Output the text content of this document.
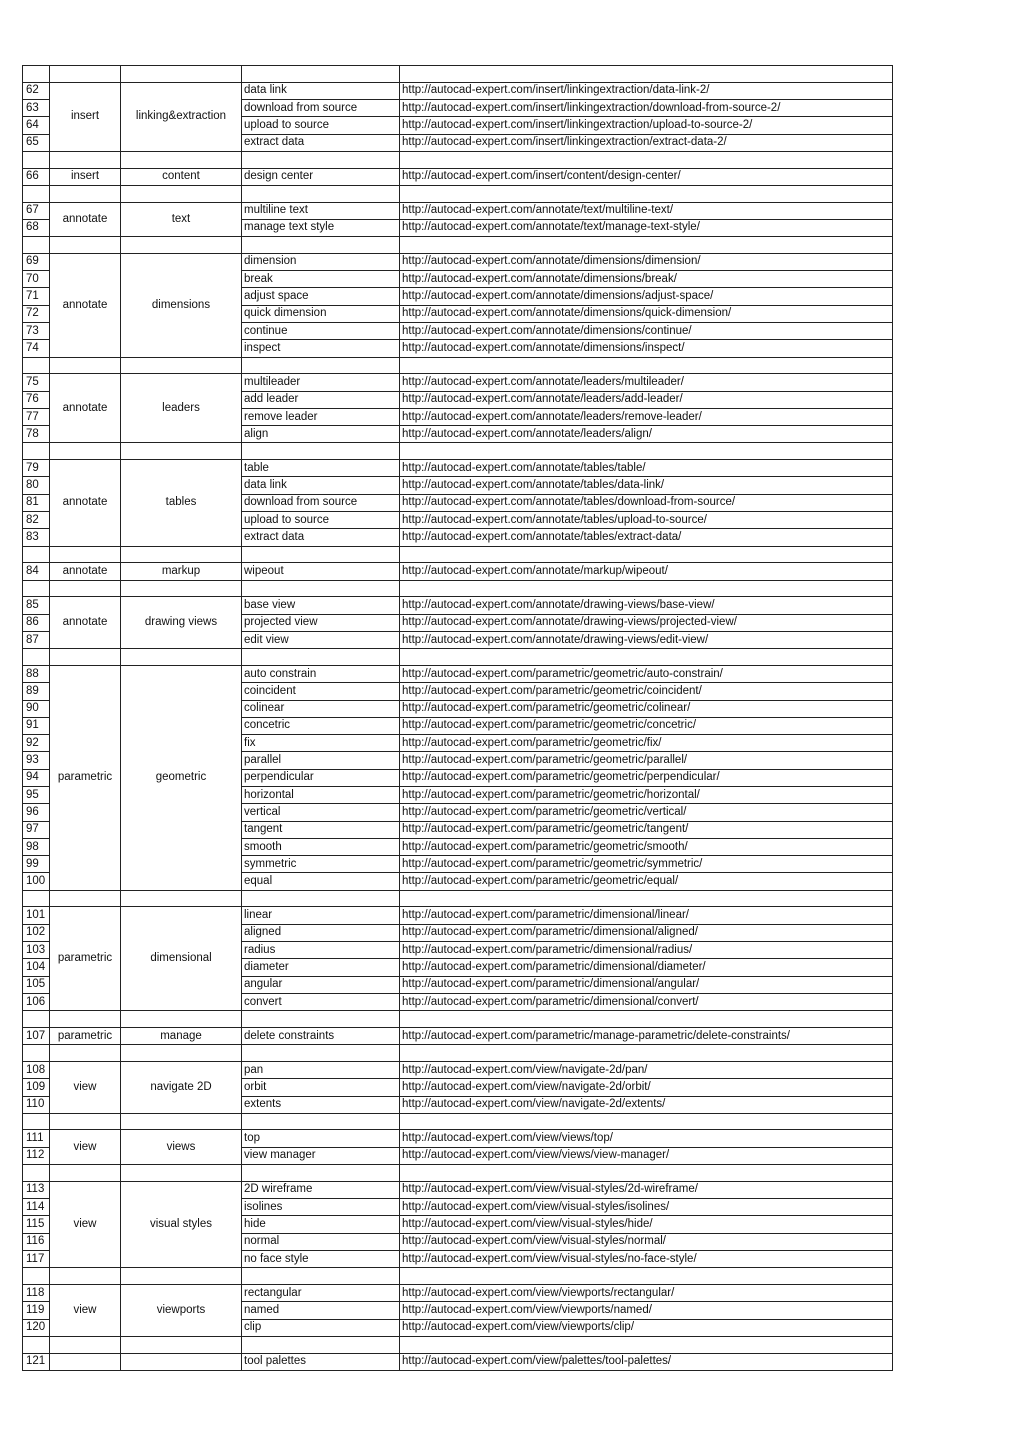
62	insert	linking&extraction	data link	http://autocad-expert.com/insert/linkingextraction/data-link-2/
63			download from source	http://autocad-expert.com/insert/linkingextraction/download-from-source-2/
64			upload to source	http://autocad-expert.com/insert/linkingextraction/upload-to-source-2/
65			extract data	http://autocad-expert.com/insert/linkingextraction/extract-data-2/

66	insert	content	design center	http://autocad-expert.com/insert/content/design-center/

67	annotate	text	multiline text	http://autocad-expert.com/annotate/text/multiline-text/
68			manage text style	http://autocad-expert.com/annotate/text/manage-text-style/

69	annotate	dimensions	dimension	http://autocad-expert.com/annotate/dimensions/dimension/
70			break	http://autocad-expert.com/annotate/dimensions/break/
71			adjust space	http://autocad-expert.com/annotate/dimensions/adjust-space/
72			quick dimension	http://autocad-expert.com/annotate/dimensions/quick-dimension/
73			continue	http://autocad-expert.com/annotate/dimensions/continue/
74			inspect	http://autocad-expert.com/annotate/dimensions/inspect/

75	annotate	leaders	multileader	http://autocad-expert.com/annotate/leaders/multileader/
76			add leader	http://autocad-expert.com/annotate/leaders/add-leader/
77			remove leader	http://autocad-expert.com/annotate/leaders/remove-leader/
78			align	http://autocad-expert.com/annotate/leaders/align/

79	annotate	tables	table	http://autocad-expert.com/annotate/tables/table/
80			data link	http://autocad-expert.com/annotate/tables/data-link/
81			download from source	http://autocad-expert.com/annotate/tables/download-from-source/
82			upload to source	http://autocad-expert.com/annotate/tables/upload-to-source/
83			extract data	http://autocad-expert.com/annotate/tables/extract-data/

84	annotate	markup	wipeout	http://autocad-expert.com/annotate/markup/wipeout/

85	annotate	drawing views	base view	http://autocad-expert.com/annotate/drawing-views/base-view/
86			projected view	http://autocad-expert.com/annotate/drawing-views/projected-view/
87			edit view	http://autocad-expert.com/annotate/drawing-views/edit-view/

88	parametric	geometric	auto constrain	http://autocad-expert.com/parametric/geometric/auto-constrain/
89			coincident	http://autocad-expert.com/parametric/geometric/coincident/
90			colinear	http://autocad-expert.com/parametric/geometric/colinear/
91			concetric	http://autocad-expert.com/parametric/geometric/concetric/
92			fix	http://autocad-expert.com/parametric/geometric/fix/
93			parallel	http://autocad-expert.com/parametric/geometric/parallel/
94			perpendicular	http://autocad-expert.com/parametric/geometric/perpendicular/
95			horizontal	http://autocad-expert.com/parametric/geometric/horizontal/
96			vertical	http://autocad-expert.com/parametric/geometric/vertical/
97			tangent	http://autocad-expert.com/parametric/geometric/tangent/
98			smooth	http://autocad-expert.com/parametric/geometric/smooth/
99			symmetric	http://autocad-expert.com/parametric/geometric/symmetric/
100			equal	http://autocad-expert.com/parametric/geometric/equal/

101	parametric	dimensional	linear	http://autocad-expert.com/parametric/dimensional/linear/
102			aligned	http://autocad-expert.com/parametric/dimensional/aligned/
103			radius	http://autocad-expert.com/parametric/dimensional/radius/
104			diameter	http://autocad-expert.com/parametric/dimensional/diameter/
105			angular	http://autocad-expert.com/parametric/dimensional/angular/
106			convert	http://autocad-expert.com/parametric/dimensional/convert/

107	parametric	manage	delete constraints	http://autocad-expert.com/parametric/manage-parametric/delete-constraints/

108	view	navigate 2D	pan	http://autocad-expert.com/view/navigate-2d/pan/
109			orbit	http://autocad-expert.com/view/navigate-2d/orbit/
110			extents	http://autocad-expert.com/view/navigate-2d/extents/

111	view	views	top	http://autocad-expert.com/view/views/top/
112			view manager	http://autocad-expert.com/view/views/view-manager/

113	view	visual styles	2D wireframe	http://autocad-expert.com/view/visual-styles/2d-wireframe/
114			isolines	http://autocad-expert.com/view/visual-styles/isolines/
115			hide	http://autocad-expert.com/view/visual-styles/hide/
116			normal	http://autocad-expert.com/view/visual-styles/normal/
117			no face style	http://autocad-expert.com/view/visual-styles/no-face-style/

118	view	viewports	rectangular	http://autocad-expert.com/view/viewports/rectangular/
119			named	http://autocad-expert.com/view/viewports/named/
120			clip	http://autocad-expert.com/view/viewports/clip/

121			tool palettes	http://autocad-expert.com/view/palettes/tool-palettes/
